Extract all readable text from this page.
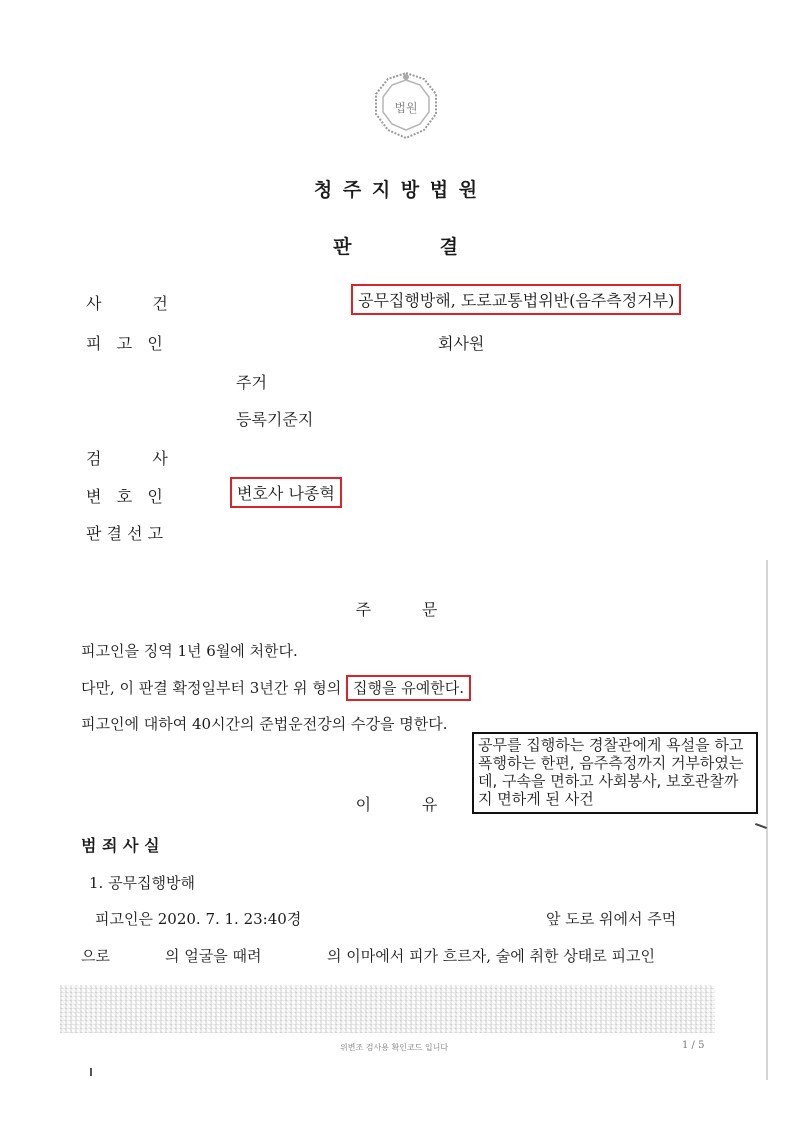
법원
청 주 지 방 법 원
판          결
사          건	공무집행방해, 도로교통법위반(음주측정거부)
피   고   인	회사원
주거
등록기준지
검          사
변   호   인	변호사 나종혁
판 결 선 고
주          문
피고인을 징역 1년 6월에 처한다.
다만, 이 판결 확정일부터 3년간 위 형의 집행을 유예한다.
피고인에 대하여 40시간의 준법운전강의 수강을 명한다.
공무를 집행하는 경찰관에게 욕설을 하고 폭행하는 한편, 음주측정까지 거부하였는데, 구속을 면하고 사회봉사, 보호관찰까지 면하게 된 사건
이          유
범 죄 사 실
1. 공무집행방해
피고인은 2020. 7. 1. 23:40경	앞 도로 위에서 주먹
으로	의 얼굴을 때려	의 이마에서 피가 흐르자, 술에 취한 상태로 피고인
위변조 검사용 확인코드 입니다	1 / 5
